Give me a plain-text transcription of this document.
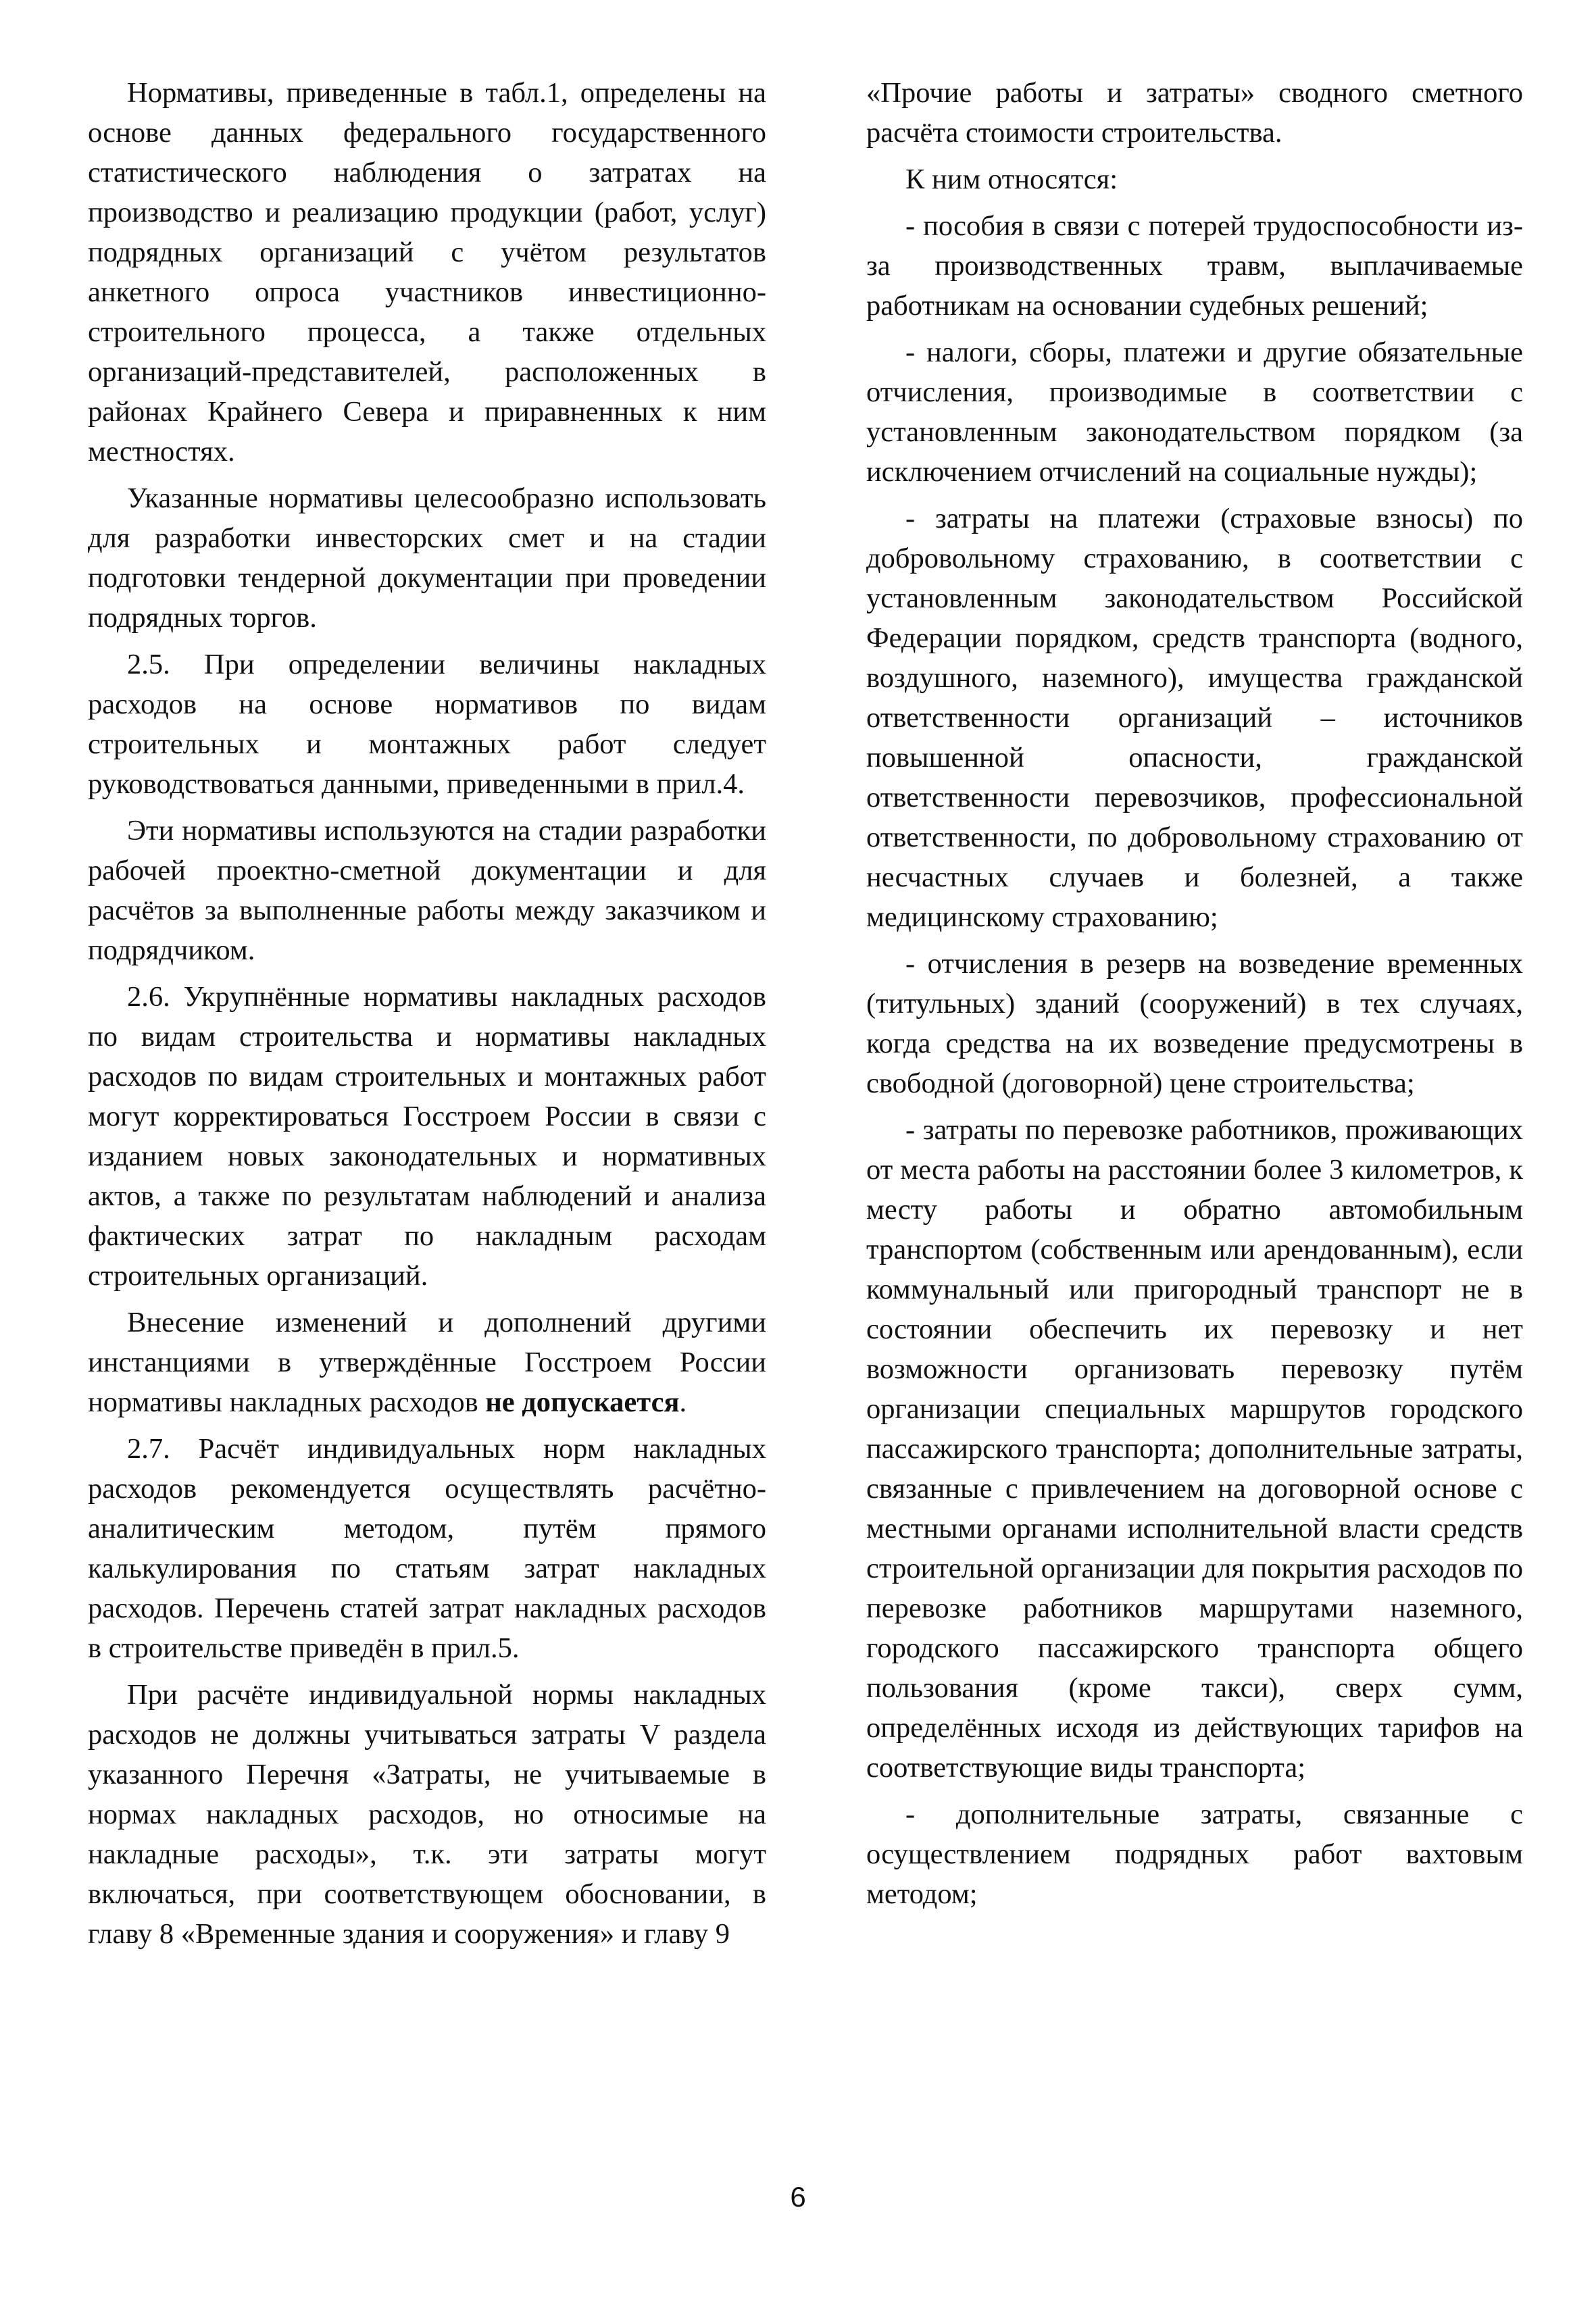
Нормативы, приведенные в табл.1, определены на основе данных федерального государственного статистического наблюдения о затратах на производство и реализацию продукции (работ, услуг) подрядных организаций с учётом результатов анкетного опроса участников инвестиционно-строительного процесса, а также отдельных организаций-представителей, расположенных в районах Крайнего Севера и приравненных к ним местностях.

Указанные нормативы целесообразно использовать для разработки инвесторских смет и на стадии подготовки тендерной документации при проведении подрядных торгов.

2.5. При определении величины накладных расходов на основе нормативов по видам строительных и монтажных работ следует руководствоваться данными, приведенными в прил.4.

Эти нормативы используются на стадии разработки рабочей проектно-сметной документации и для расчётов за выполненные работы между заказчиком и подрядчиком.

2.6. Укрупнённые нормативы накладных расходов по видам строительства и нормативы накладных расходов по видам строительных и монтажных работ могут корректироваться Госстроем России в связи с изданием новых законодательных и нормативных актов, а также по результатам наблюдений и анализа фактических затрат по накладным расходам строительных организаций.

Внесение изменений и дополнений другими инстанциями в утверждённые Госстроем России нормативы накладных расходов не допускается.

2.7. Расчёт индивидуальных норм накладных расходов рекомендуется осуществлять расчётно-аналитическим методом, путём прямого калькулирования по статьям затрат накладных расходов. Перечень статей затрат накладных расходов в строительстве приведён в прил.5.

При расчёте индивидуальной нормы накладных расходов не должны учитываться затраты V раздела указанного Перечня «Затраты, не учитываемые в нормах накладных расходов, но относимые на накладные расходы», т.к. эти затраты могут включаться, при соответствующем обосновании, в главу 8 «Временные здания и сооружения» и главу 9

«Прочие работы и затраты» сводного сметного расчёта стоимости строительства.

К ним относятся:

- пособия в связи с потерей трудоспособности из-за производственных травм, выплачиваемые работникам на основании судебных решений;

- налоги, сборы, платежи и другие обязательные отчисления, производимые в соответствии с установленным законодательством порядком (за исключением отчислений на социальные нужды);

- затраты на платежи (страховые взносы) по добровольному страхованию, в соответствии с установленным законодательством Российской Федерации порядком, средств транспорта (водного, воздушного, наземного), имущества гражданской ответственности организаций – источников повышенной опасности, гражданской ответственности перевозчиков, профессиональной ответственности, по добровольному страхованию от несчастных случаев и болезней, а также медицинскому страхованию;

- отчисления в резерв на возведение временных (титульных) зданий (сооружений) в тех случаях, когда средства на их возведение предусмотрены в свободной (договорной) цене строительства;

- затраты по перевозке работников, проживающих от места работы на расстоянии более 3 километров, к месту работы и обратно автомобильным транспортом (собственным или арендованным), если коммунальный или пригородный транспорт не в состоянии обеспечить их перевозку и нет возможности организовать перевозку путём организации специальных маршрутов городского пассажирского транспорта; дополнительные затраты, связанные с привлечением на договорной основе с местными органами исполнительной власти средств строительной организации для покрытия расходов по перевозке работников маршрутами наземного, городского пассажирского транспорта общего пользования (кроме такси), сверх сумм, определённых исходя из действующих тарифов на соответствующие виды транспорта;

- дополнительные затраты, связанные с осуществлением подрядных работ вахтовым методом;

6
